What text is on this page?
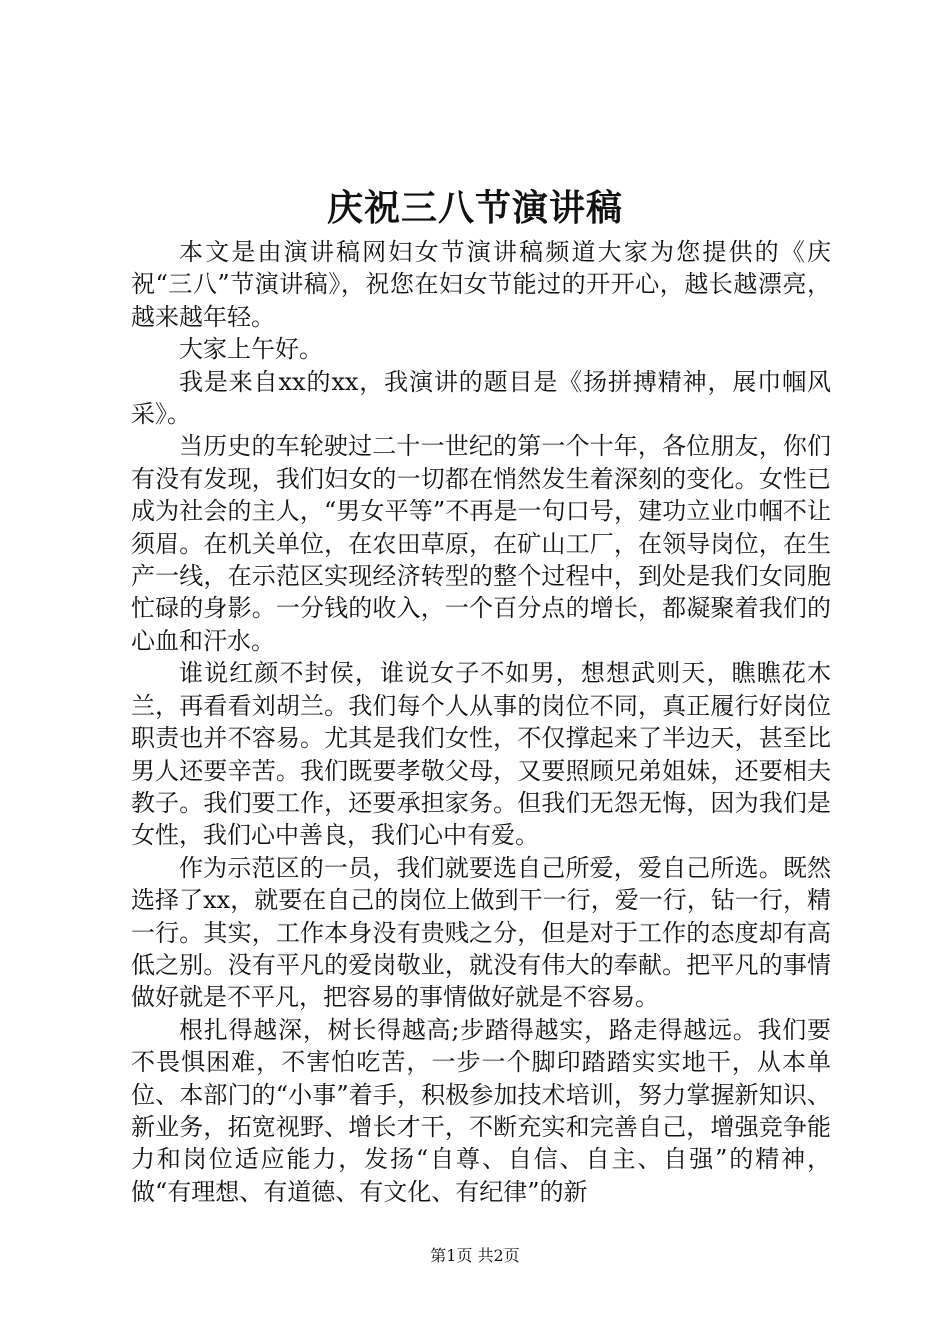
庆祝三八节演讲稿

本文是由演讲稿网妇女节演讲稿频道大家为您提供的《庆祝“三八”节演讲稿》，祝您在妇女节能过的开开心，越长越漂亮，越来越年轻。

大家上午好。

我是来自xx的xx，我演讲的题目是《扬拼搏精神，展巾帼风采》。

当历史的车轮驶过二十一世纪的第一个十年，各位朋友，你们有没有发现，我们妇女的一切都在悄然发生着深刻的变化。女性已成为社会的主人，“男女平等”不再是一句口号，建功立业巾帼不让须眉。在机关单位，在农田草原，在矿山工厂，在领导岗位，在生产一线，在示范区实现经济转型的整个过程中，到处是我们女同胞忙碌的身影。一分钱的收入，一个百分点的增长，都凝聚着我们的心血和汗水。

谁说红颜不封侯，谁说女子不如男，想想武则天，瞧瞧花木兰，再看看刘胡兰。我们每个人从事的岗位不同，真正履行好岗位职责也并不容易。尤其是我们女性，不仅撑起来了半边天，甚至比男人还要辛苦。我们既要孝敬父母，又要照顾兄弟姐妹，还要相夫教子。我们要工作，还要承担家务。但我们无怨无悔，因为我们是女性，我们心中善良，我们心中有爱。

作为示范区的一员，我们就要选自己所爱，爱自己所选。既然选择了xx，就要在自己的岗位上做到干一行，爱一行，钻一行，精一行。其实，工作本身没有贵贱之分，但是对于工作的态度却有高低之别。没有平凡的爱岗敬业，就没有伟大的奉献。把平凡的事情做好就是不平凡，把容易的事情做好就是不容易。

根扎得越深，树长得越高;步踏得越实，路走得越远。我们要不畏惧困难，不害怕吃苦，一步一个脚印踏踏实实地干，从本单位、本部门的“小事”着手，积极参加技术培训，努力掌握新知识、新业务，拓宽视野、增长才干，不断充实和完善自己，增强竞争能力和岗位适应能力，发扬“自尊、自信、自主、自强”的精神，做“有理想、有道德、有文化、有纪律”的新

第1页 共2页
